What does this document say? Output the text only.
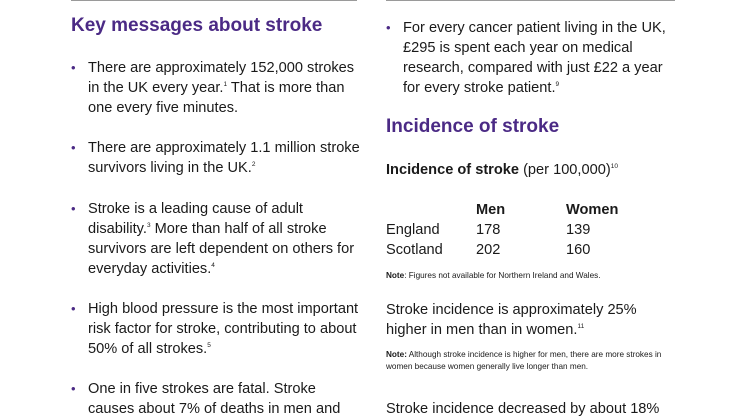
Key messages about stroke
• There are approximately 152,000 strokes in the UK every year.$^1$ That is more than one every five minutes.
• There are approximately 1.1 million stroke survivors living in the UK.$^2$
• Stroke is a leading cause of adult disability.$^3$ More than half of all stroke survivors are left dependent on others for everyday activities.$^4$
• High blood pressure is the most important risk factor for stroke, contributing to about 50% of all strokes.$^5$
• One in five strokes are fatal. Stroke causes about 7% of deaths in men and
• For every cancer patient living in the UK, £295 is spent each year on medical research, compared with just £22 a year for every stroke patient.$^9$
Incidence of stroke
Incidence of stroke (per 100,000)$^{10}$
	Men	Women
England	178	139
Scotland	202	160
Note: Figures not available for Northern Ireland and Wales.
Stroke incidence is approximately 25% higher in men than in women.$^{11}$
Note: Although stroke incidence is higher for men, there are more strokes in women because women generally live longer than men.
Stroke incidence decreased by about 18%
